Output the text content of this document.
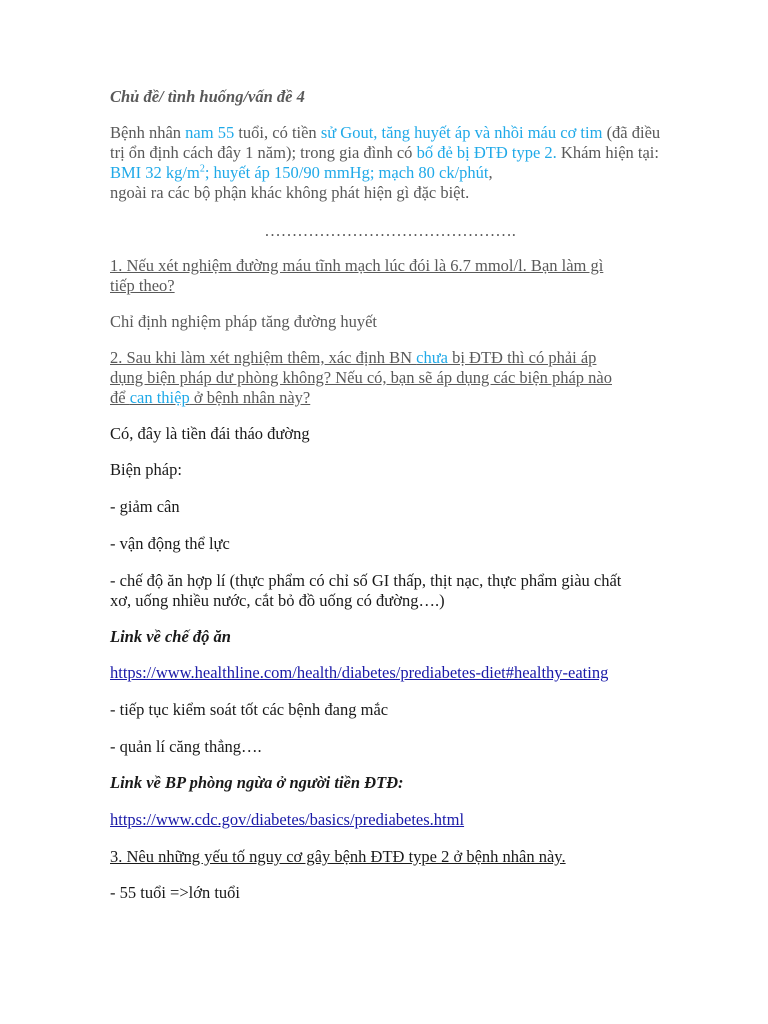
Chủ đề/ tình huống/vấn đề 4

Bệnh nhân nam 55 tuổi, có tiền sử Gout, tăng huyết áp và nhồi máu cơ tim (đã điều trị ổn định cách đây 1 năm); trong gia đình có bố đẻ bị ĐTĐ type 2. Khám hiện tại: BMI 32 $kg/m^2$; huyết áp 150/90 mmHg; mạch 80 ck/phút,
ngoài ra các bộ phận khác không phát hiện gì đặc biệt.

……………………………………….

1. Nếu xét nghiệm đường máu tĩnh mạch lúc đói là 6.7 mmol/l. Bạn làm gì
tiếp theo?

Chỉ định nghiệm pháp tăng đường huyết

2. Sau khi làm xét nghiệm thêm, xác định BN chưa bị ĐTĐ thì có phải áp
dụng biện pháp dư phòng không? Nếu có, bạn sẽ áp dụng các biện pháp nào
để can thiệp ở bệnh nhân này?

Có, đây là tiền đái tháo đường

Biện pháp:

- giảm cân

- vận động thể lực

- chế độ ăn hợp lí (thực phẩm có chỉ số GI thấp, thịt nạc, thực phẩm giàu chất
xơ, uống nhiều nước, cắt bỏ đồ uống có đường….)

Link về chế độ ăn

https://www.healthline.com/health/diabetes/prediabetes-diet#healthy-eating

- tiếp tục kiểm soát tốt các bệnh đang mắc

- quản lí căng thẳng….

Link về BP phòng ngừa ở người tiền ĐTĐ:

https://www.cdc.gov/diabetes/basics/prediabetes.html

3. Nêu những yếu tố nguy cơ gây bệnh ĐTĐ type 2 ở bệnh nhân này.

- 55 tuổi =>lớn tuổi
